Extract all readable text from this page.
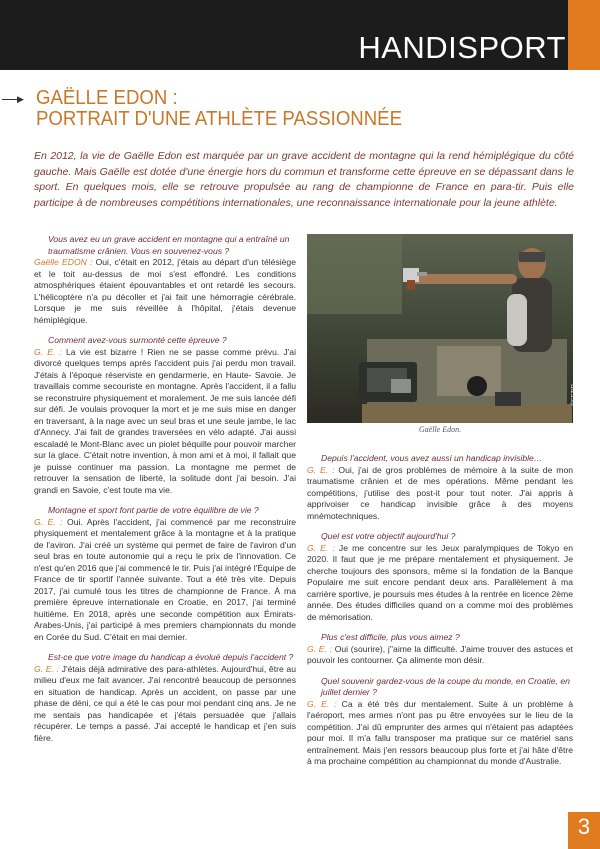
HANDISPORT
▶ GAËLLE EDON :
PORTRAIT D'UNE ATHLÈTE PASSIONNÉE

En 2012, la vie de Gaëlle Edon est marquée par un grave accident de montagne qui la rend hémiplégique du côté gauche. Mais Gaëlle est dotée d'une énergie hors du commun et transforme cette épreuve en se dépassant dans le sport. En quelques mois, elle se retrouve propulsée au rang de championne de France en para-tir. Puis elle participe à de nombreuses compétitions internationales, une reconnaissance internationale pour la jeune athlète.

Vous avez eu un grave accident en montagne qui a entraîné un traumatisme crânien. Vous en souvenez-vous ?

Gaëlle EDON : Oui, c'était en 2012, j'étais au départ d'un télésiège et le toit au-dessus de moi s'est effondré. Les conditions atmosphériques étaient épouvantables et ont retardé les secours. L'hélicoptère n'a pu décoller et j'ai fait une hémorragie cérébrale. Lorsque je me suis réveillée à l'hôpital, j'étais devenue hémiplégique.

Comment avez-vous surmonté cette épreuve ?

G. E. : La vie est bizarre ! Rien ne se passe comme prévu. J'ai divorcé quelques temps après l'accident puis j'ai perdu mon travail. J'étais à l'époque réserviste en gendarmerie, en Haute- Savoie. Je travaillais comme secouriste en montagne. Après l'accident, il a fallu se reconstruire physiquement et moralement. Je me suis lancée défi sur défi. Je voulais provoquer la mort et je me suis mise en danger en traversant, à la nage avec un seul bras et une seule jambe, le lac d'Annecy. J'ai fait de grandes traversées en vélo adapté. J'ai aussi escaladé le Mont-Blanc avec un piolet béquille pour pouvoir marcher sur la glace. C'était notre invention, à mon ami et à moi, il fallait que je puisse continuer ma passion. La montagne me permet de retrouver la sensation de liberté, la solitude dont j'ai besoin. J'ai grandi en Savoie, c'est toute ma vie.

Montagne et sport font partie de votre équilibre de vie ?

G. E. : Oui. Après l'accident, j'ai commencé par me reconstruire physiquement et mentalement grâce à la montagne et à la pratique de l'aviron. J'ai créé un système qui permet de faire de l'aviron d'un seul bras en toute autonomie qui a reçu le prix de l'innovation. Ce n'est qu'en 2016 que j'ai commencé le tir. Puis j'ai intégré l'Équipe de France de tir sportif l'année suivante. Tout a été très vite. Depuis 2017, j'ai cumulé tous les titres de championne de France. À ma première épreuve internationale en Croatie, en 2017, j'ai terminé huitième. En 2018, après une seconde compétition aux Émirats-Arabes-Unis, j'ai participé à mes premiers championnats du monde en Corée du Sud. C'était en mai dernier.

Est-ce que votre image du handicap a évolué depuis l'accident ?

G. E. : J'étais déjà admirative des para-athlètes. Aujourd'hui, être au milieu d'eux me fait avancer. J'ai rencontré beaucoup de personnes en situation de handicap. Après un accident, on passe par une phase de déni, ce qui a été le cas pour moi pendant cinq ans. Je ne me sentais pas handicapée et j'étais persuadée que j'allais récupérer. Le temps a passé. J'ai accepté le handicap et j'en suis fière.

©FFTIR
Gaëlle Edon.

Depuis l'accident, vous avez aussi un handicap invisible…

G. E. : Oui, j'ai de gros problèmes de mémoire à la suite de mon traumatisme crânien et de mes opérations. Même pendant les compétitions, j'utilise des post-it pour tout noter. J'ai appris à apprivoiser ce handicap invisible grâce à des moyens mnémotechniques.

Quel est votre objectif aujourd'hui ?

G. E. : Je me concentre sur les Jeux paralympiques de Tokyo en 2020. Il faut que je me prépare mentalement et physiquement. Je cherche toujours des sponsors, même si la fondation de la Banque Populaire me suit encore pendant deux ans. Parallèlement à ma carrière sportive, je poursuis mes études à la rentrée en licence 2ème année. Des études difficiles quand on a comme moi des problèmes de mémorisation.

Plus c'est difficile, plus vous aimez ?

G. E. : Oui (sourire), j''aime la difficulté. J'aime trouver des astuces et pouvoir les contourner. Ça alimente mon désir.

Quel souvenir gardez-vous de la coupe du monde, en Croatie, en juillet dernier ?

G. E. : Ca a été très dur mentalement. Suite à un problème à l'aéroport, mes armes n'ont pas pu être envoyées sur le lieu de la compétition. J'ai dû emprunter des armes qui n'étaient pas adaptées pour moi. Il m'a fallu transposer ma pratique sur ce matériel sans entraînement. Mais j'en ressors beaucoup plus forte et j'ai hâte d'être à ma prochaine compétition au championnat du monde d'Australie.

3
